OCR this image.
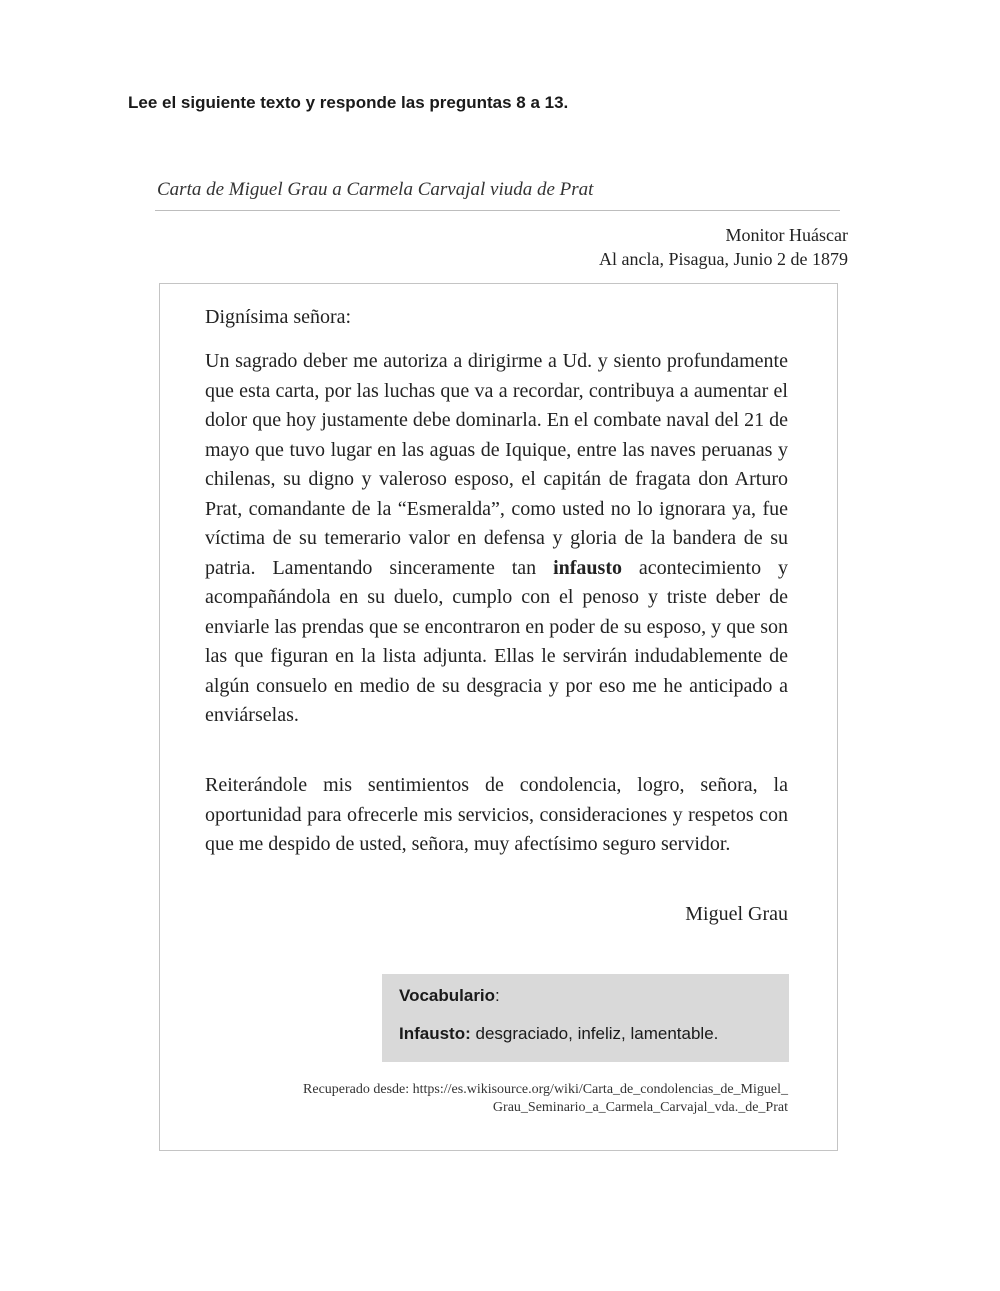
Lee el siguiente texto y responde las preguntas 8 a 13.
Carta de Miguel Grau a Carmela Carvajal viuda de Prat
Monitor Huáscar
Al ancla, Pisagua, Junio 2 de 1879
Dignísima señora:

Un sagrado deber me autoriza a dirigirme a Ud. y siento profundamente que esta carta, por las luchas que va a recordar, contribuya a aumentar el dolor que hoy justamente debe dominarla. En el combate naval del 21 de mayo que tuvo lugar en las aguas de Iquique, entre las naves peruanas y chilenas, su digno y valeroso esposo, el capitán de fragata don Arturo Prat, comandante de la “Esmeralda”, como usted no lo ignorara ya, fue víctima de su temerario valor en defensa y gloria de la bandera de su patria. Lamentando sinceramente tan infausto acontecimiento y acompañándola en su duelo, cumplo con el penoso y triste deber de enviarle las prendas que se encontraron en poder de su esposo, y que son las que figuran en la lista adjunta. Ellas le servirán indudablemente de algún consuelo en medio de su desgracia y por eso me he anticipado a enviárselas.

Reiterándole mis sentimientos de condolencia, logro, señora, la oportunidad para ofrecerle mis servicios, consideraciones y respetos con que me despido de usted, señora, muy afectísimo seguro servidor.

Miguel Grau
Vocabulario:
Infausto: desgraciado, infeliz, lamentable.
Recuperado desde: https://es.wikisource.org/wiki/Carta_de_condolencias_de_Miguel_
Grau_Seminario_a_Carmela_Carvajal_vda._de_Prat
